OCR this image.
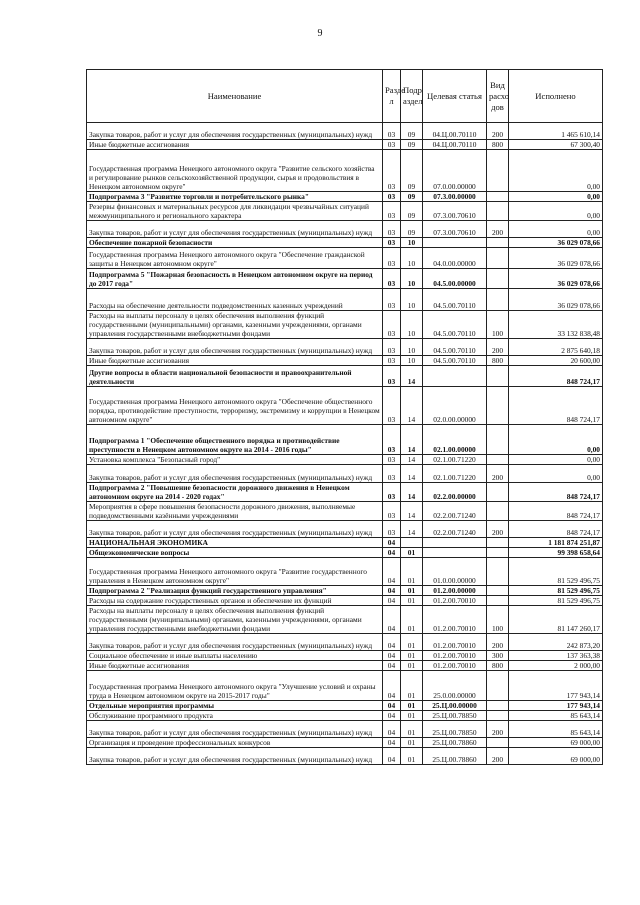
9
Наименование	Разде л	Подр аздел	Целевая статья	Вид расхо дов	Исполнено
Закупка товаров, работ и услуг для обеспечения государственных (муниципальных) нужд	03	09	04.Ц.00.70110	200	1 465 610,14
Иные бюджетные ассигнования	03	09	04.Ц.00.70110	800	67 300,40
Государственная программа Ненецкого автономного округа "Развитие сельского хозяйства и регулирование рынков сельскохозяйственной продукции, сырья и продовольствия в Ненецком автономном округе"	03	09	07.0.00.00000		0,00
Подпрограмма 3 "Развитие торговли и потребительского рынка"	03	09	07.3.00.00000		0,00
Резервы финансовых и материальных ресурсов для ликвидации чрезвычайных ситуаций межмуниципального и регионального характера	03	09	07.3.00.70610		0,00
Закупка товаров, работ и услуг для обеспечения государственных (муниципальных) нужд	03	09	07.3.00.70610	200	0,00
Обеспечение пожарной безопасности	03	10			36 029 078,66
Государственная программа Ненецкого автономного округа "Обеспечение гражданской защиты в Ненецком автономном округе"	03	10	04.0.00.00000		36 029 078,66
Подпрограмма 5 "Пожарная безопасность в Ненецком автономном округе на период до 2017 года"	03	10	04.5.00.00000		36 029 078,66
Расходы на обеспечение деятельности подведомственных казенных учреждений	03	10	04.5.00.70110		36 029 078,66
Расходы на выплаты персоналу в целях обеспечения выполнения функций государственными (муниципальными) органами, казенными учреждениями, органами управления государственными внебюджетными фондами	03	10	04.5.00.70110	100	33 132 838,48
Закупка товаров, работ и услуг для обеспечения государственных (муниципальных) нужд	03	10	04.5.00.70110	200	2 875 640,18
Иные бюджетные ассигнования	03	10	04.5.00.70110	800	20 600,00
Другие вопросы в области национальной безопасности и правоохранительной деятельности	03	14			848 724,17
Государственная программа Ненецкого автономного округа "Обеспечение общественного порядка, противодействие преступности, терроризму, экстремизму и коррупции в Ненецком автономном округе"	03	14	02.0.00.00000		848 724,17
Подпрограмма 1 "Обеспечение общественного порядка и противодействие преступности в Ненецком автономном округе на 2014 - 2016 годы"	03	14	02.1.00.00000		0,00
Установка комплекса "Безопасный город"	03	14	02.1.00.71220		0,00
Закупка товаров, работ и услуг для обеспечения государственных (муниципальных) нужд	03	14	02.1.00.71220	200	0,00
Подпрограмма 2 "Повышение безопасности дорожного движения в Ненецком автономном округе на 2014 - 2020 годах"	03	14	02.2.00.00000		848 724,17
Мероприятия в сфере повышения безопасности дорожного движения, выполняемые подведомственными казёнными учреждениями	03	14	02.2.00.71240		848 724,17
Закупка товаров, работ и услуг для обеспечения государственных (муниципальных) нужд	03	14	02.2.00.71240	200	848 724,17
НАЦИОНАЛЬНАЯ ЭКОНОМИКА	04				1 181 874 251,87
Общеэкономические вопросы	04	01			99 398 658,64
Государственная программа Ненецкого автономного округа "Развитие государственного управления в Ненецком автономном округе"	04	01	01.0.00.00000		81 529 496,75
Подпрограмма 2 "Реализация функций государственного управления"	04	01	01.2.00.00000		81 529 496,75
Расходы на содержание государственных органов и обеспечение их функций	04	01	01.2.00.70010		81 529 496,75
Расходы на выплаты персоналу в целях обеспечения выполнения функций государственными (муниципальными) органами, казенными учреждениями, органами управления государственными внебюджетными фондами	04	01	01.2.00.70010	100	81 147 260,17
Закупка товаров, работ и услуг для обеспечения государственных (муниципальных) нужд	04	01	01.2.00.70010	200	242 873,20
Социальное обеспечение и иные выплаты населению	04	01	01.2.00.70010	300	137 363,38
Иные бюджетные ассигнования	04	01	01.2.00.70010	800	2 000,00
Государственная программа Ненецкого автономного округа "Улучшение условий и охраны труда в Ненецком автономном округе на 2015-2017 годы"	04	01	25.0.00.00000		177 943,14
Отдельные мероприятия программы	04	01	25.Ц.00.00000		177 943,14
Обслуживание программного продукта	04	01	25.Ц.00.78850		85 643,14
Закупка товаров, работ и услуг для обеспечения государственных (муниципальных) нужд	04	01	25.Ц.00.78850	200	85 643,14
Организация и проведение профессиональных конкурсов	04	01	25.Ц.00.78860		69 000,00
Закупка товаров, работ и услуг для обеспечения государственных (муниципальных) нужд	04	01	25.Ц.00.78860	200	69 000,00
